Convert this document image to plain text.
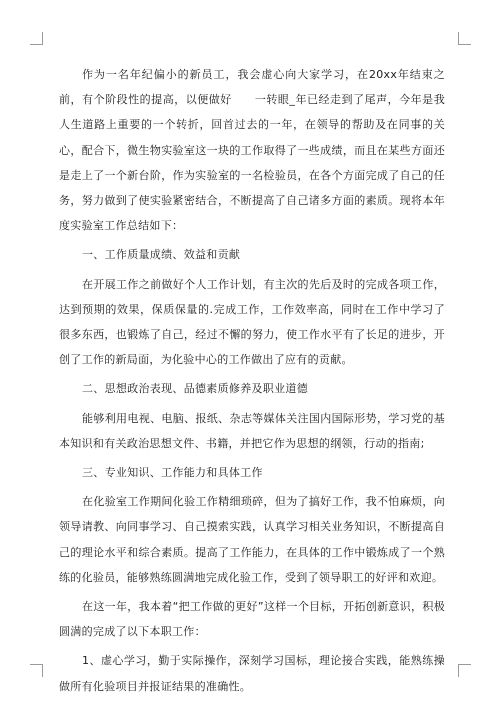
作为一名年纪偏小的新员工，我会虚心向大家学习，在20xx年结束之前，有个阶段性的提高，以便做好　　一转眼_年已经走到了尾声，今年是我人生道路上重要的一个转折，回首过去的一年，在领导的帮助及在同事的关心，配合下，微生物实验室这一块的工作取得了一些成绩，而且在某些方面还是走上了一个新台阶，作为实验室的一名检验员，在各个方面完成了自己的任务，努力做到了使实验紧密结合，不断提高了自己诸多方面的素质。现将本年度实验室工作总结如下：

一、工作质量成绩、效益和贡献

在开展工作之前做好个人工作计划，有主次的先后及时的完成各项工作，达到预期的效果，保质保量的.完成工作，工作效率高，同时在工作中学习了很多东西，也锻炼了自己，经过不懈的努力，使工作水平有了长足的进步，开创了工作的新局面，为化验中心的工作做出了应有的贡献。

二、思想政治表现、品德素质修养及职业道德

能够利用电视、电脑、报纸、杂志等媒体关注国内国际形势，学习党的基本知识和有关政治思想文件、书籍，并把它作为思想的纲领，行动的指南;

三、专业知识、工作能力和具体工作

在化验室工作期间化验工作精细琐碎，但为了搞好工作，我不怕麻烦，向领导请教、向同事学习、自己摸索实践，认真学习相关业务知识，不断提高自己的理论水平和综合素质。提高了工作能力，在具体的工作中锻炼成了一个熟练的化验员，能够熟练圆满地完成化验工作，受到了领导职工的好评和欢迎。

在这一年，我本着“把工作做的更好”这样一个目标，开拓创新意识，积极圆满的完成了以下本职工作：

1、虚心学习，勤于实际操作，深刻学习国标，理论接合实践，能熟练操做所有化验项目并报证结果的准确性。
